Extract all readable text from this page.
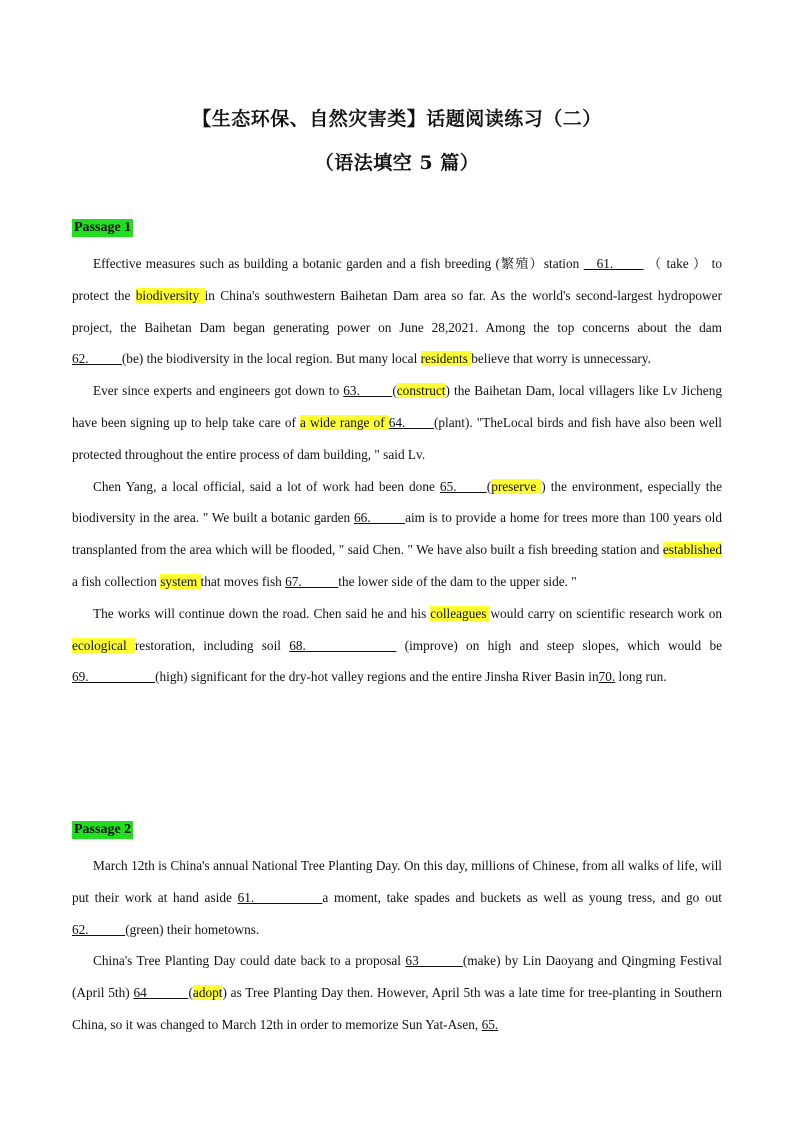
【生态环保、自然灾害类】话题阅读练习（二）
（语法填空 5 篇）
Passage 1

Effective measures such as building a botanic garden and a fish breeding (繁殖）station    61.        （ take ） to protect the biodiversity in China's southwestern Baihetan Dam area so far. As the world's second-largest hydropower project, the Baihetan Dam began generating power on June 28,2021. Among the top concerns about the dam 62.          (be) the biodiversity in the local region. But many local residents believe that worry is unnecessary.

Ever since experts and engineers got down to 63.        (construct) the Baihetan Dam, local villagers like Lv Jicheng have been signing up to help take care of a wide range of 64.       (plant). "TheLocal birds and fish have also been well protected throughout the entire process of dam building, " said Lv.

Chen Yang, a local official, said a lot of work had been done 65.      (preserve ) the environment, especially the biodiversity in the area. " We built a botanic garden 66.         aim is to provide a home for trees more than 100 years old transplanted from the area which will be flooded, " said Chen. " We have also built a fish breeding station and established a fish collection system that moves fish 67.           the lower side of the dam to the upper side. "

The works will continue down the road. Chen said he and his colleagues would carry on scientific research work on ecological restoration, including soil 68.            (improve) on high and steep slopes, which would be 69.                    (high) significant for the dry-hot valley regions and the entire Jinsha River Basin in70. long run.

Passage 2

March 12th is China's annual National Tree Planting Day. On this day, millions of Chinese, from all walks of life, will put their work at hand aside 61.            a moment, take spades and buckets as well as young tress, and go out 62.           (green) their hometowns.

China's Tree Planting Day could date back to a proposal 63          (make) by Lin Daoyang and Qingming Festival (April 5th) 64           (adopt) as Tree Planting Day then. However, April 5th was a late time for tree-planting in Southern China, so it was changed to March 12th in order to memorize Sun Yat-Asen, 65.
